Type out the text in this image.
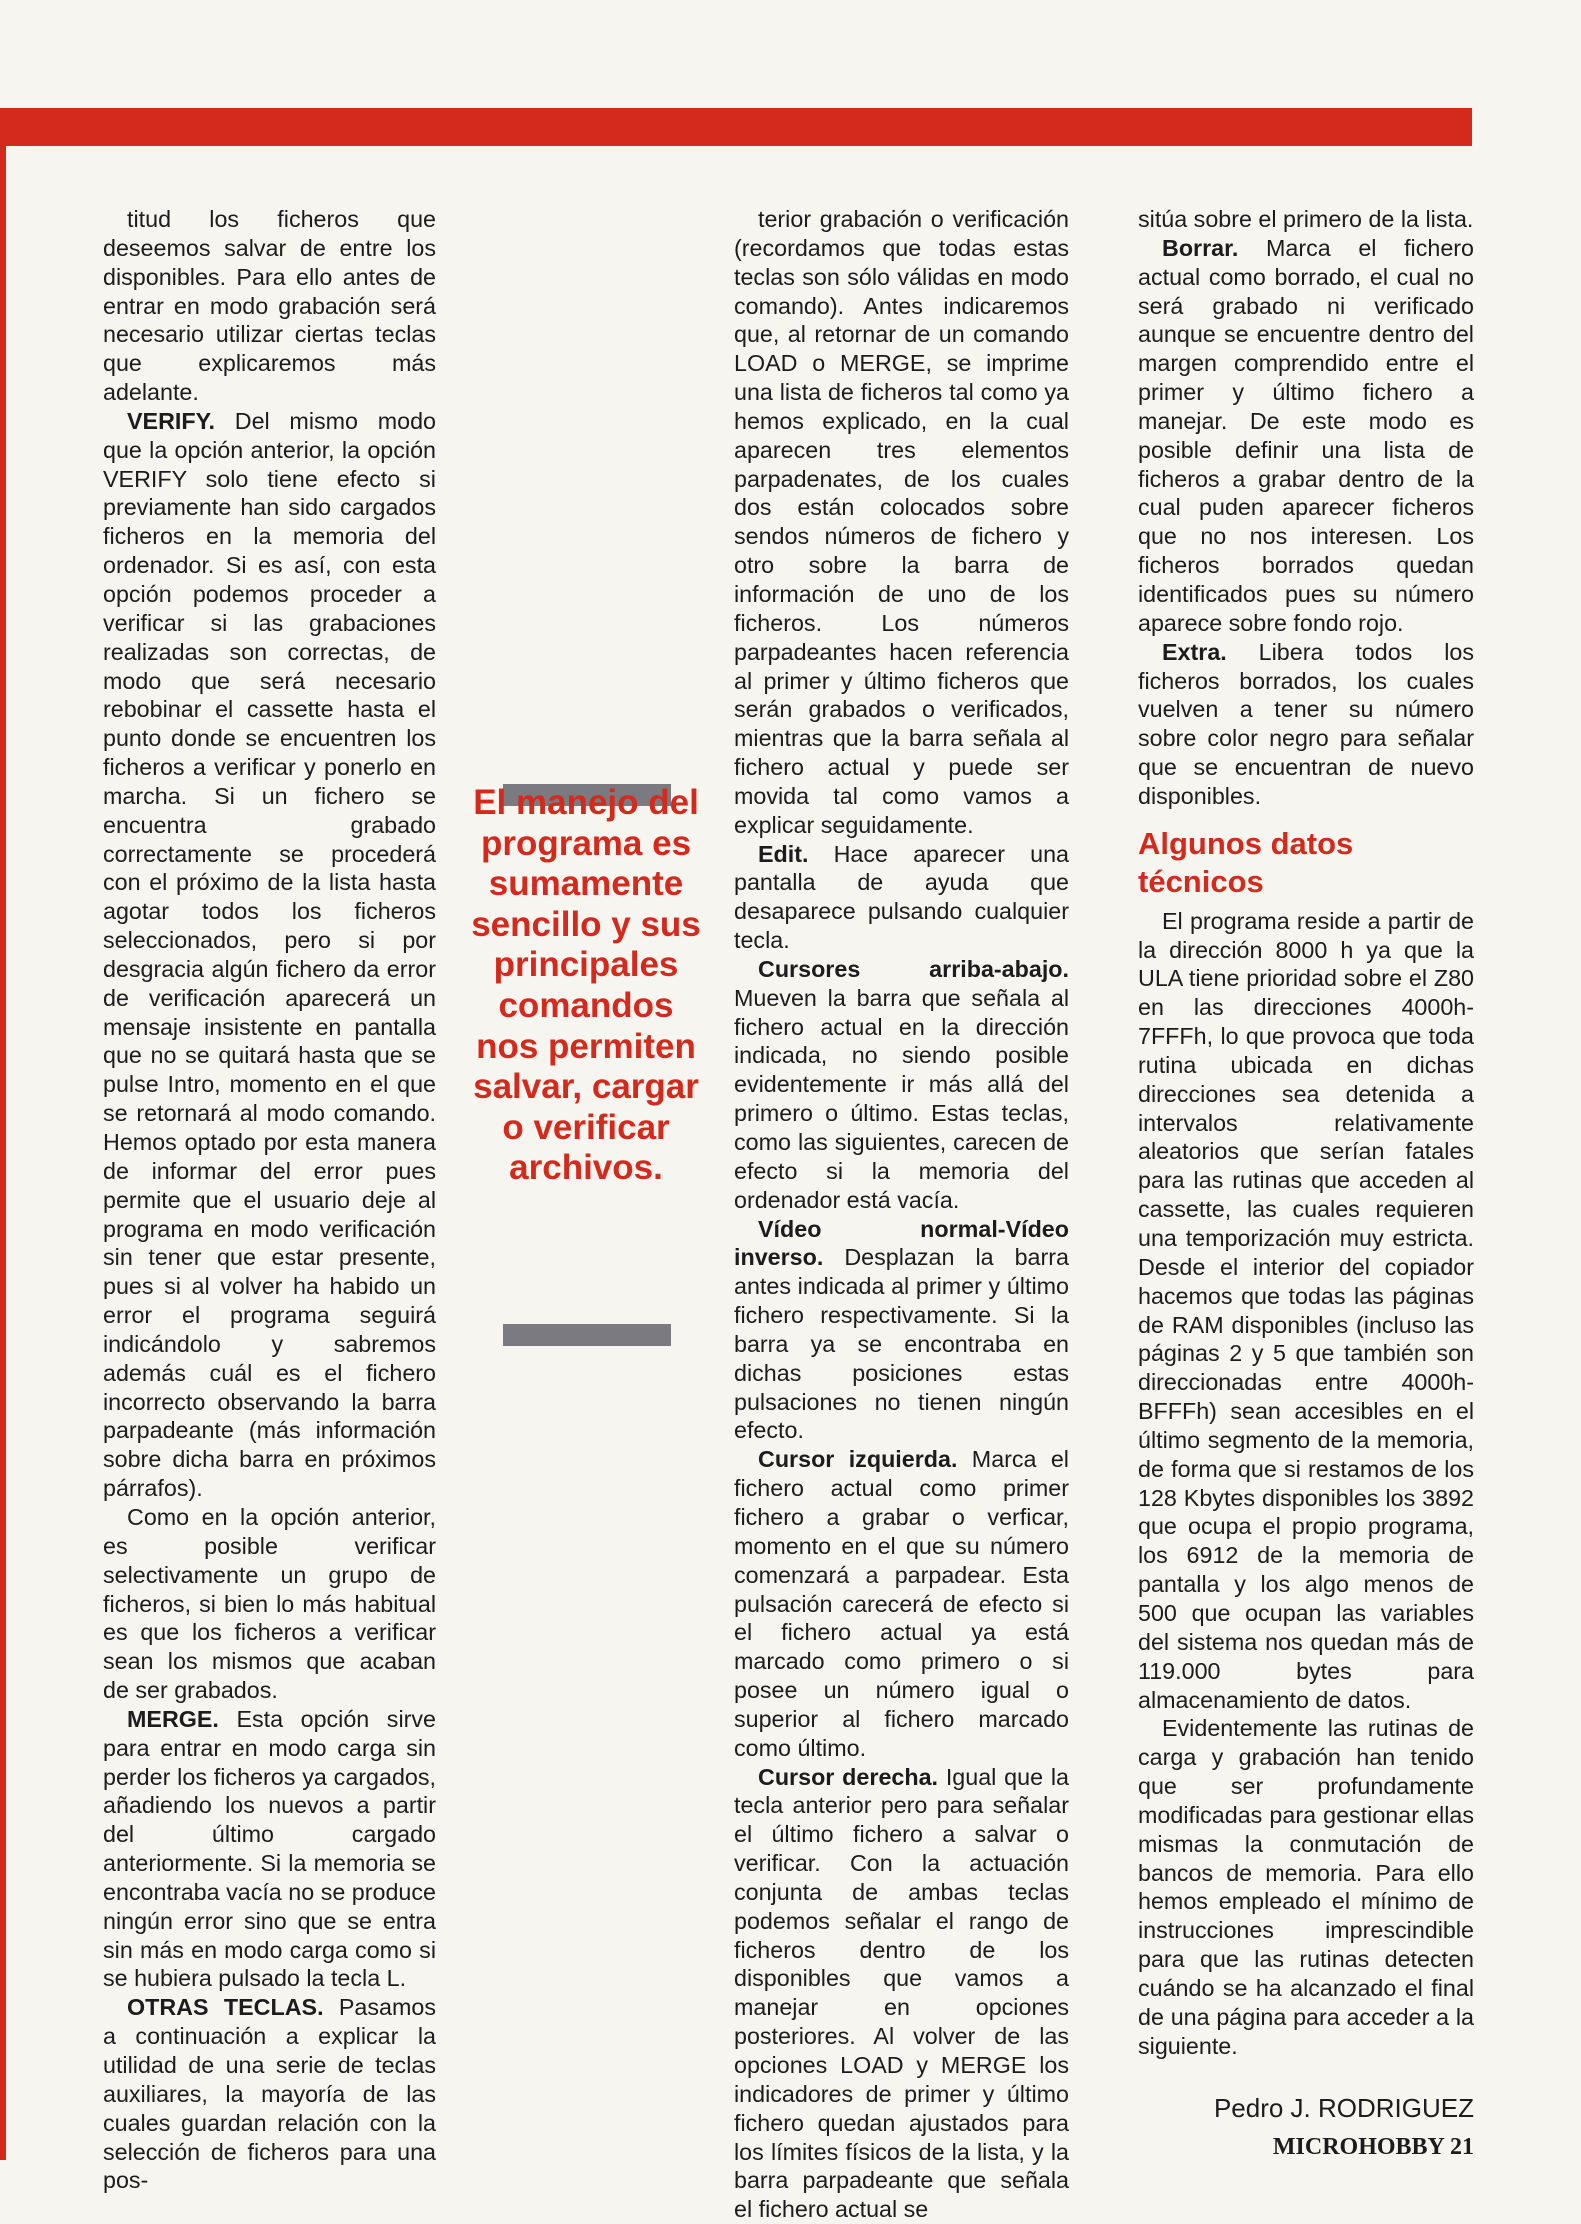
titud los ficheros que deseemos salvar de entre los disponibles. Para ello antes de entrar en modo grabación será necesario utilizar ciertas teclas que explicaremos más adelante.

VERIFY. Del mismo modo que la opción anterior, la opción VERIFY solo tiene efecto si previamente han sido cargados ficheros en la memoria del ordenador. Si es así, con esta opción podemos proceder a verificar si las grabaciones realizadas son correctas, de modo que será necesario rebobinar el cassette hasta el punto donde se encuentren los ficheros a verificar y ponerlo en marcha. Si un fichero se encuentra grabado correctamente se procederá con el próximo de la lista hasta agotar todos los ficheros seleccionados, pero si por desgracia algún fichero da error de verificación aparecerá un mensaje insistente en pantalla que no se quitará hasta que se pulse Intro, momento en el que se retornará al modo comando. Hemos optado por esta manera de informar del error pues permite que el usuario deje al programa en modo verificación sin tener que estar presente, pues si al volver ha habido un error el programa seguirá indicándolo y sabremos además cuál es el fichero incorrecto observando la barra parpadeante (más información sobre dicha barra en próximos párrafos).

Como en la opción anterior, es posible verificar selectivamente un grupo de ficheros, si bien lo más habitual es que los ficheros a verificar sean los mismos que acaban de ser grabados.

MERGE. Esta opción sirve para entrar en modo carga sin perder los ficheros ya cargados, añadiendo los nuevos a partir del último cargado anteriormente. Si la memoria se encontraba vacía no se produce ningún error sino que se entra sin más en modo carga como si se hubiera pulsado la tecla L.

OTRAS TECLAS. Pasamos a continuación a explicar la utilidad de una serie de teclas auxiliares, la mayoría de las cuales guardan relación con la selección de ficheros para una pos-

El manejo del programa es sumamente sencillo y sus principales comandos nos permiten salvar, cargar o verificar archivos.

terior grabación o verificación (recordamos que todas estas teclas son sólo válidas en modo comando). Antes indicaremos que, al retornar de un comando LOAD o MERGE, se imprime una lista de ficheros tal como ya hemos explicado, en la cual aparecen tres elementos parpadenates, de los cuales dos están colocados sobre sendos números de fichero y otro sobre la barra de información de uno de los ficheros. Los números parpadeantes hacen referencia al primer y último ficheros que serán grabados o verificados, mientras que la barra señala al fichero actual y puede ser movida tal como vamos a explicar seguidamente.

Edit. Hace aparecer una pantalla de ayuda que desaparece pulsando cualquier tecla.

Cursores arriba-abajo. Mueven la barra que señala al fichero actual en la dirección indicada, no siendo posible evidentemente ir más allá del primero o último. Estas teclas, como las siguientes, carecen de efecto si la memoria del ordenador está vacía.

Vídeo normal-Vídeo inverso. Desplazan la barra antes indicada al primer y último fichero respectivamente. Si la barra ya se encontraba en dichas posiciones estas pulsaciones no tienen ningún efecto.

Cursor izquierda. Marca el fichero actual como primer fichero a grabar o verficar, momento en el que su número comenzará a parpadear. Esta pulsación carecerá de efecto si el fichero actual ya está marcado como primero o si posee un número igual o superior al fichero marcado como último.

Cursor derecha. Igual que la tecla anterior pero para señalar el último fichero a salvar o verificar. Con la actuación conjunta de ambas teclas podemos señalar el rango de ficheros dentro de los disponibles que vamos a manejar en opciones posteriores. Al volver de las opciones LOAD y MERGE los indicadores de primer y último fichero quedan ajustados para los límites físicos de la lista, y la barra parpadeante que señala el fichero actual se

sitúa sobre el primero de la lista.

Borrar. Marca el fichero actual como borrado, el cual no será grabado ni verificado aunque se encuentre dentro del margen comprendido entre el primer y último fichero a manejar. De este modo es posible definir una lista de ficheros a grabar dentro de la cual puden aparecer ficheros que no nos interesen. Los ficheros borrados quedan identificados pues su número aparece sobre fondo rojo.

Extra. Libera todos los ficheros borrados, los cuales vuelven a tener su número sobre color negro para señalar que se encuentran de nuevo disponibles.

Algunos datos técnicos

El programa reside a partir de la dirección 8000 h ya que la ULA tiene prioridad sobre el Z80 en las direcciones 4000h-7FFFh, lo que provoca que toda rutina ubicada en dichas direcciones sea detenida a intervalos relativamente aleatorios que serían fatales para las rutinas que acceden al cassette, las cuales requieren una temporización muy estricta. Desde el interior del copiador hacemos que todas las páginas de RAM disponibles (incluso las páginas 2 y 5 que también son direccionadas entre 4000h-BFFFh) sean accesibles en el último segmento de la memoria, de forma que si restamos de los 128 Kbytes disponibles los 3892 que ocupa el propio programa, los 6912 de la memoria de pantalla y los algo menos de 500 que ocupan las variables del sistema nos quedan más de 119.000 bytes para almacenamiento de datos.

Evidentemente las rutinas de carga y grabación han tenido que ser profundamente modificadas para gestionar ellas mismas la conmutación de bancos de memoria. Para ello hemos empleado el mínimo de instrucciones imprescindible para que las rutinas detecten cuándo se ha alcanzado el final de una página para acceder a la siguiente.

Pedro J. RODRIGUEZ
MICROHOBBY 21
